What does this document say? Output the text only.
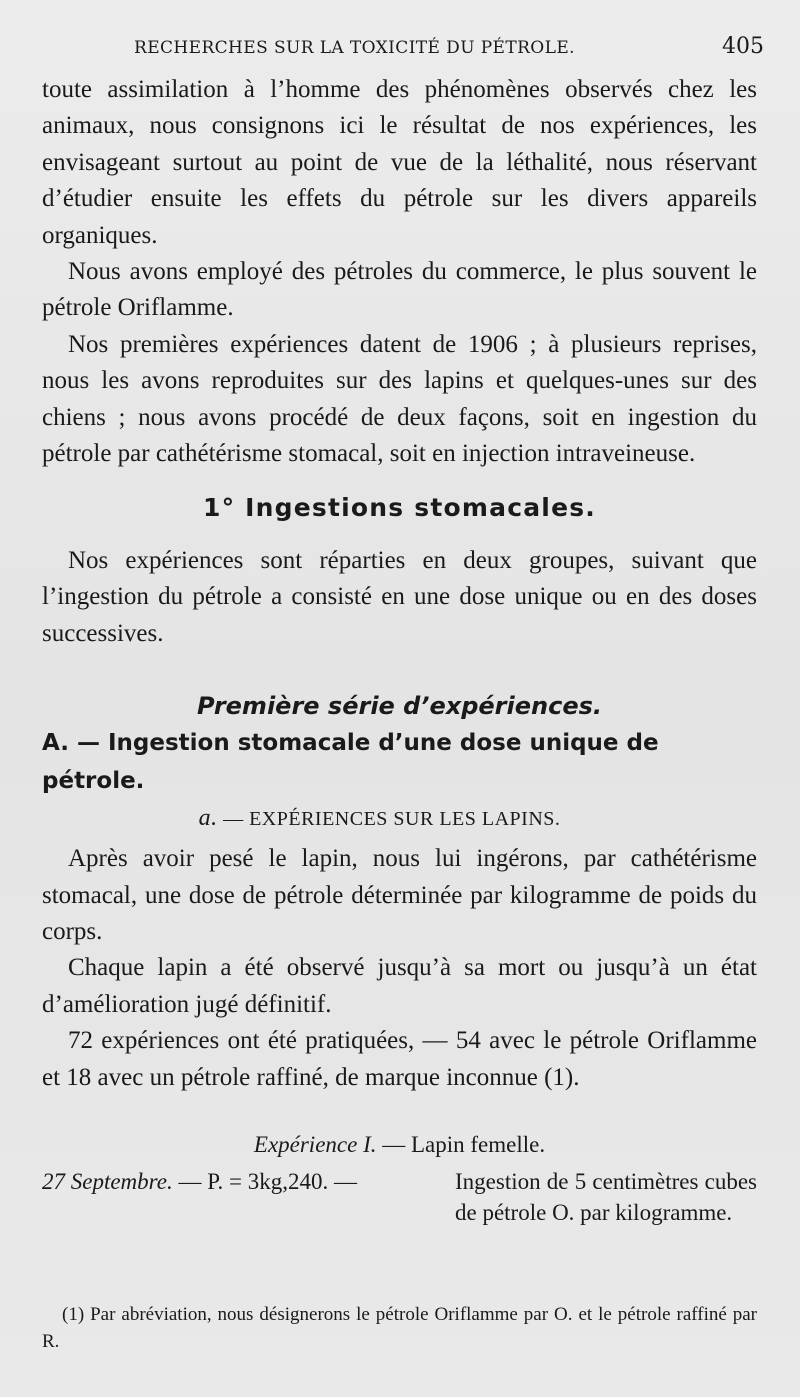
RECHERCHES SUR LA TOXICITÉ DU PÉTROLE.	405

toute assimilation à l’homme des phénomènes observés chez les animaux, nous consignons ici le résultat de nos expériences, les envisageant surtout au point de vue de la léthalité, nous réservant d’étudier ensuite les effets du pétrole sur les divers appareils organiques.

Nous avons employé des pétroles du commerce, le plus souvent le pétrole Oriflamme.

Nos premières expériences datent de 1906 ; à plusieurs reprises, nous les avons reproduites sur des lapins et quelques-unes sur des chiens ; nous avons procédé de deux façons, soit en ingestion du pétrole par cathétérisme stomacal, soit en injection intraveineuse.

1° Ingestions stomacales.

Nos expériences sont réparties en deux groupes, suivant que l’ingestion du pétrole a consisté en une dose unique ou en des doses successives.

Première série d’expériences.
A. — Ingestion stomacale d’une dose unique de pétrole.
a. — EXPÉRIENCES SUR LES LAPINS.

Après avoir pesé le lapin, nous lui ingérons, par cathétérisme stomacal, une dose de pétrole déterminée par kilogramme de poids du corps.

Chaque lapin a été observé jusqu’à sa mort ou jusqu’à un état d’amélioration jugé définitif.

72 expériences ont été pratiquées, — 54 avec le pétrole Oriflamme et 18 avec un pétrole raffiné, de marque inconnue (1).

Expérience I. — Lapin femelle.
27 Septembre. — P. = 3kg,240. —	Ingestion de 5 centimètres cubes de pétrole O. par kilogramme.
(1) Par abréviation, nous désignerons le pétrole Oriflamme par O. et le pétrole raffiné par R.
